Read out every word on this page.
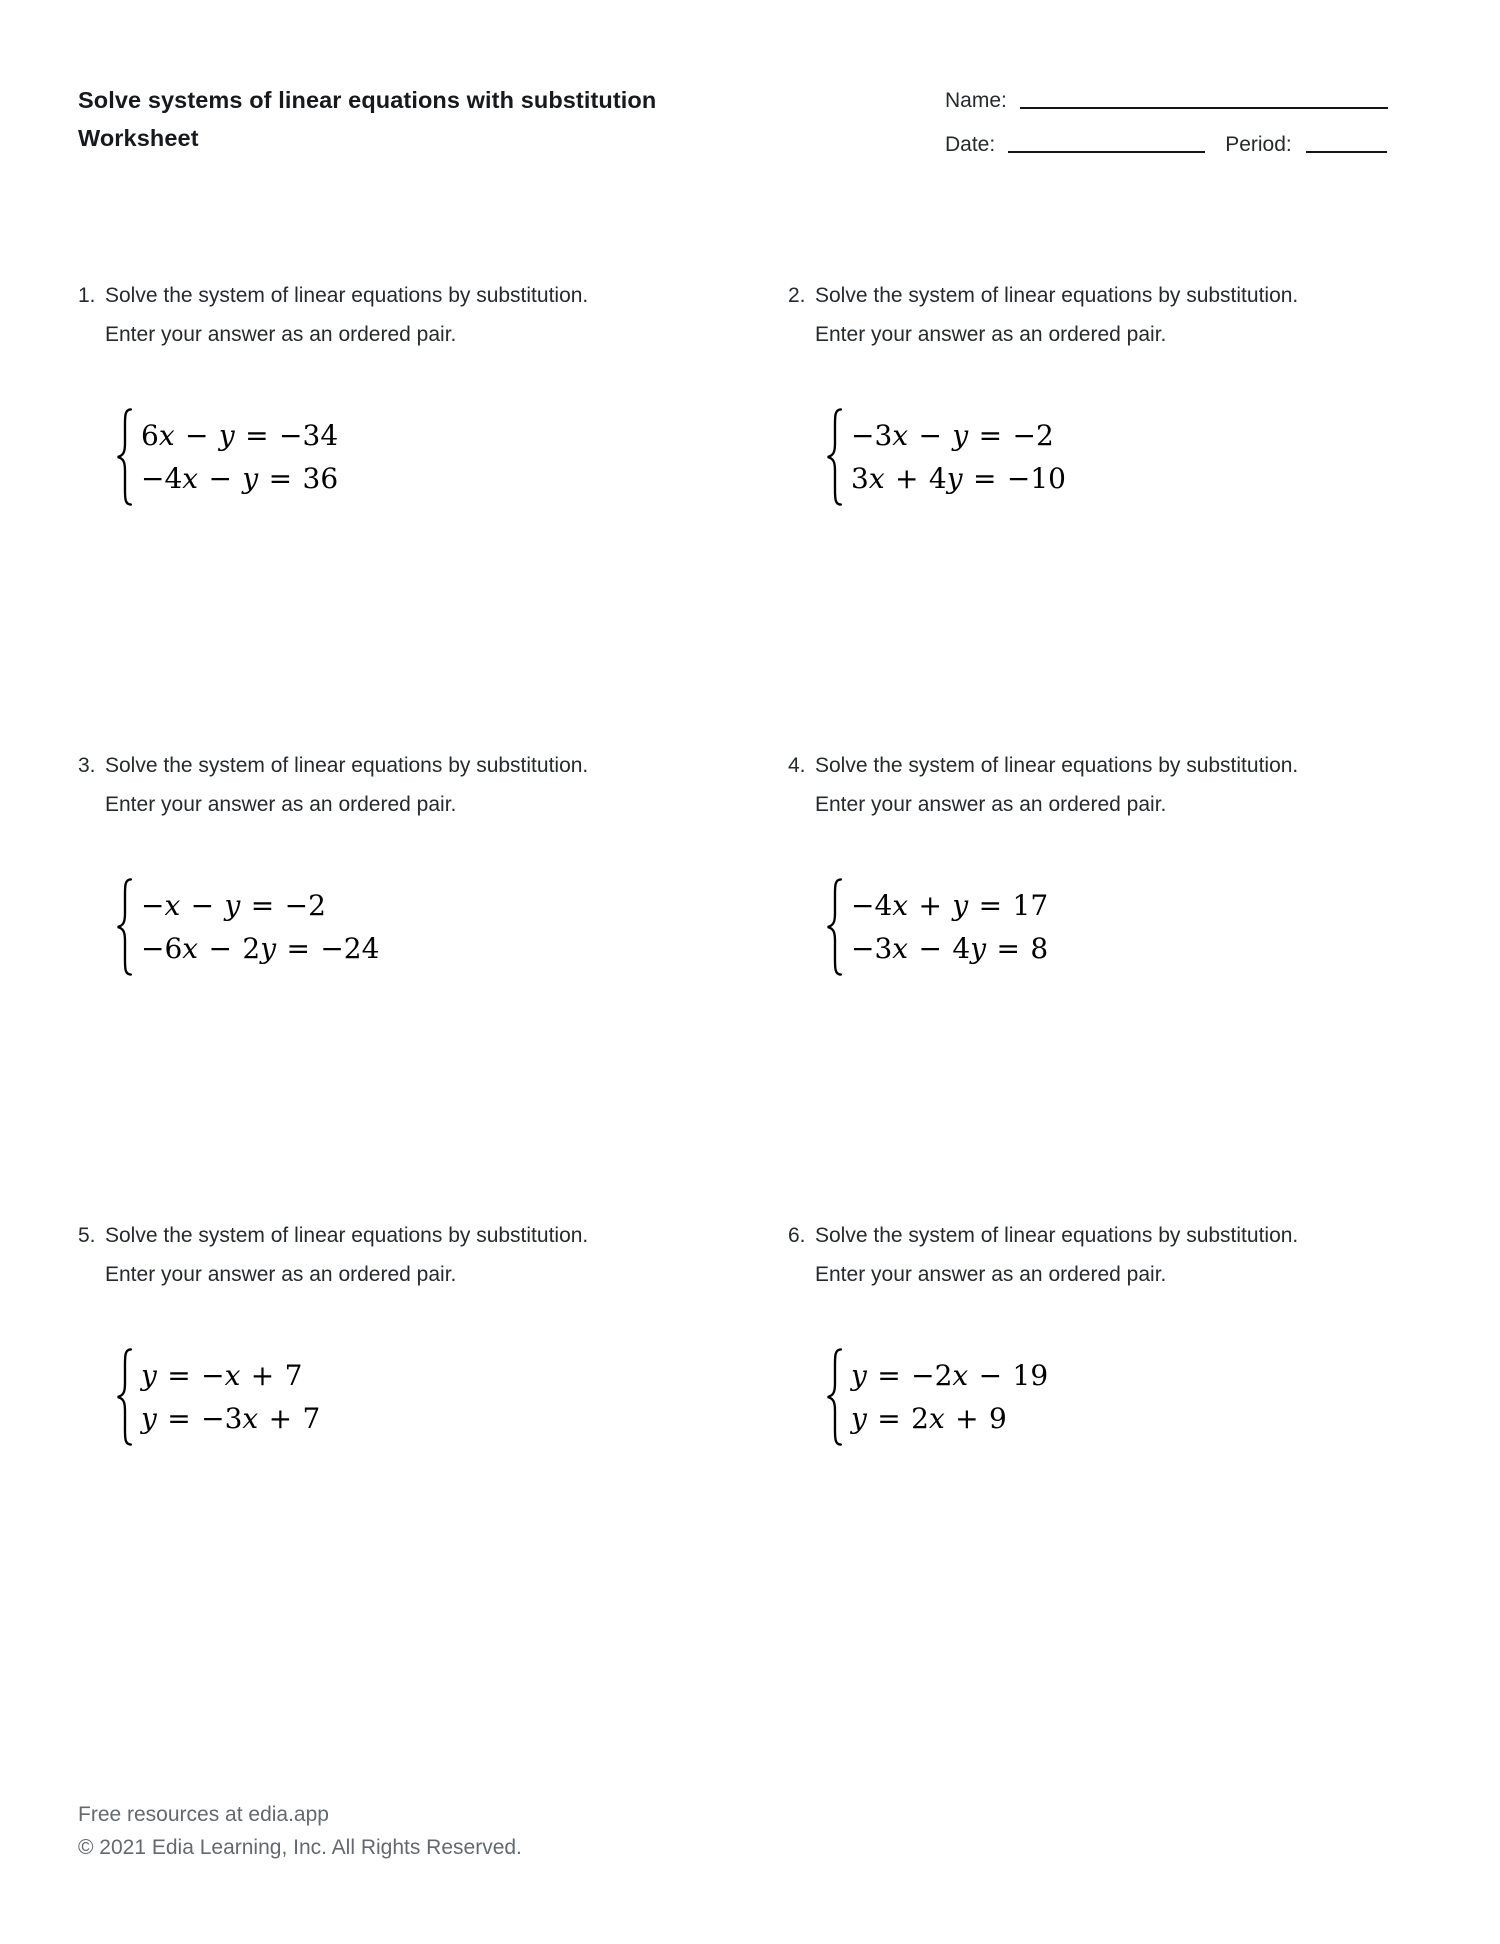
Solve systems of linear equations with substitution
Worksheet
Name:
Date:	Period:
1. Solve the system of linear equations by substitution. Enter your answer as an ordered pair.

6x − y = −34
−4x − y = 36
2. Solve the system of linear equations by substitution. Enter your answer as an ordered pair.

−3x − y = −2
3x + 4y = −10
3. Solve the system of linear equations by substitution. Enter your answer as an ordered pair.

−x − y = −2
−6x − 2y = −24
4. Solve the system of linear equations by substitution. Enter your answer as an ordered pair.

−4x + y = 17
−3x − 4y = 8
5. Solve the system of linear equations by substitution. Enter your answer as an ordered pair.

y = −x + 7
y = −3x + 7
6. Solve the system of linear equations by substitution. Enter your answer as an ordered pair.

y = −2x − 19
y = 2x + 9
Free resources at edia.app
© 2021 Edia Learning, Inc. All Rights Reserved.
